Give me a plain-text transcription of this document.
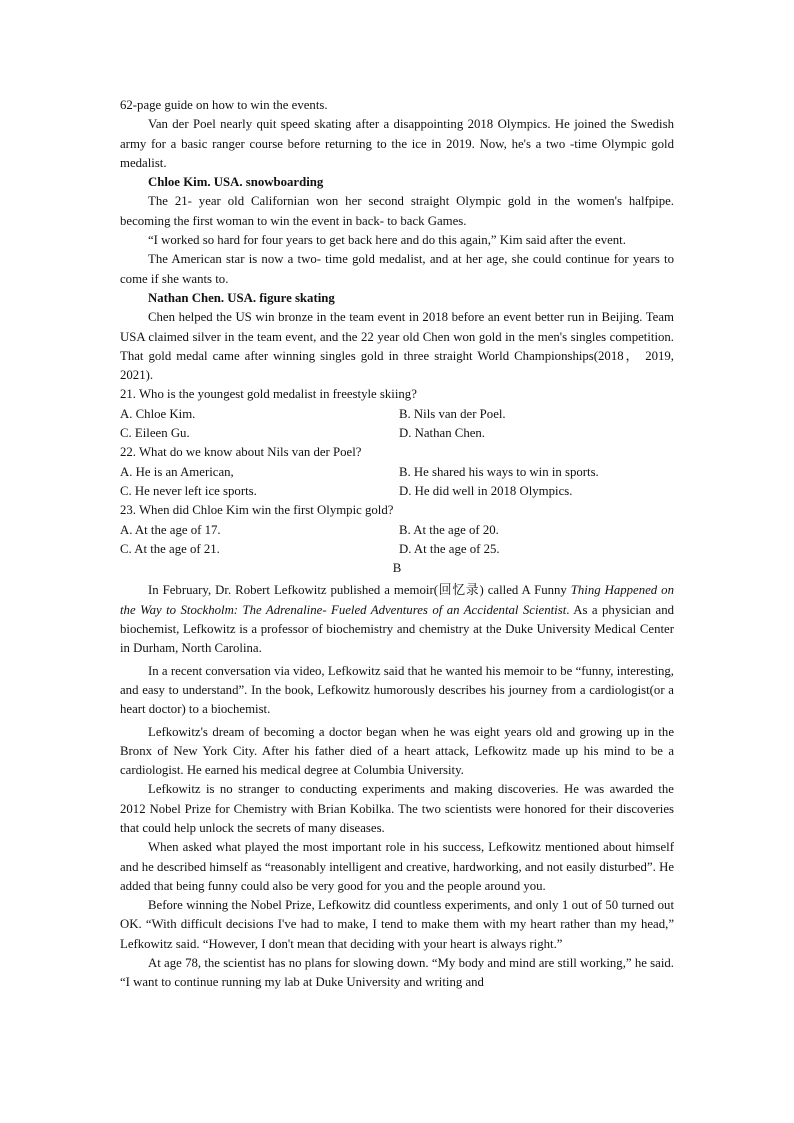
62-page guide on how to win the events.

Van der Poel nearly quit speed skating after a disappointing 2018 Olympics. He joined the Swedish army for a basic ranger course before returning to the ice in 2019. Now, he's a two -time Olympic gold medalist.

Chloe Kim. USA. snowboarding

The 21- year old Californian won her second straight Olympic gold in the women's halfpipe. becoming the first woman to win the event in back- to back Games.

“I worked so hard for four years to get back here and do this again,” Kim said after the event.

The American star is now a two- time gold medalist, and at her age, she could continue for years to come if she wants to.

Nathan Chen. USA. figure skating

Chen helped the US win bronze in the team event in 2018 before an event better run in Beijing. Team USA claimed silver in the team event, and the 22 year old Chen won gold in the men's singles competition. That gold medal came after winning singles gold in three straight World Championships(2018， 2019, 2021).

21. Who is the youngest gold medalist in freestyle skiing?

A. Chloe Kim.	B. Nils van der Poel.
C. Eileen Gu.	D. Nathan Chen.

22. What do we know about Nils van der Poel?

A. He is an American,	B. He shared his ways to win in sports.
C. He never left ice sports.	D. He did well in 2018 Olympics.

23. When did Chloe Kim win the first Olympic gold?

A. At the age of 17.	B. At the age of 20.
C. At the age of 21.	D. At the age of 25.

B

In February, Dr. Robert Lefkowitz published a memoir(回忆录) called A Funny Thing Happened on the Way to Stockholm: The Adrenaline- Fueled Adventures of an Accidental Scientist. As a physician and biochemist, Lefkowitz is a professor of biochemistry and chemistry at the Duke University Medical Center in Durham, North Carolina.

In a recent conversation via video, Lefkowitz said that he wanted his memoir to be “funny, interesting, and easy to understand”. In the book, Lefkowitz humorously describes his journey from a cardiologist(or a heart doctor) to a biochemist.

Lefkowitz's dream of becoming a doctor began when he was eight years old and growing up in the Bronx of New York City. After his father died of a heart attack, Lefkowitz made up his mind to be a cardiologist. He earned his medical degree at Columbia University.

Lefkowitz is no stranger to conducting experiments and making discoveries. He was awarded the 2012 Nobel Prize for Chemistry with Brian Kobilka. The two scientists were honored for their discoveries that could help unlock the secrets of many diseases.

When asked what played the most important role in his success, Lefkowitz mentioned about himself and he described himself as “reasonably intelligent and creative, hardworking, and not easily disturbed”. He added that being funny could also be very good for you and the people around you.

Before winning the Nobel Prize, Lefkowitz did countless experiments, and only 1 out of 50 turned out OK. “With difficult decisions I've had to make, I tend to make them with my heart rather than my head,” Lefkowitz said. “However, I don't mean that deciding with your heart is always right.”

At age 78, the scientist has no plans for slowing down. “My body and mind are still working,” he said. “I want to continue running my lab at Duke University and writing and
